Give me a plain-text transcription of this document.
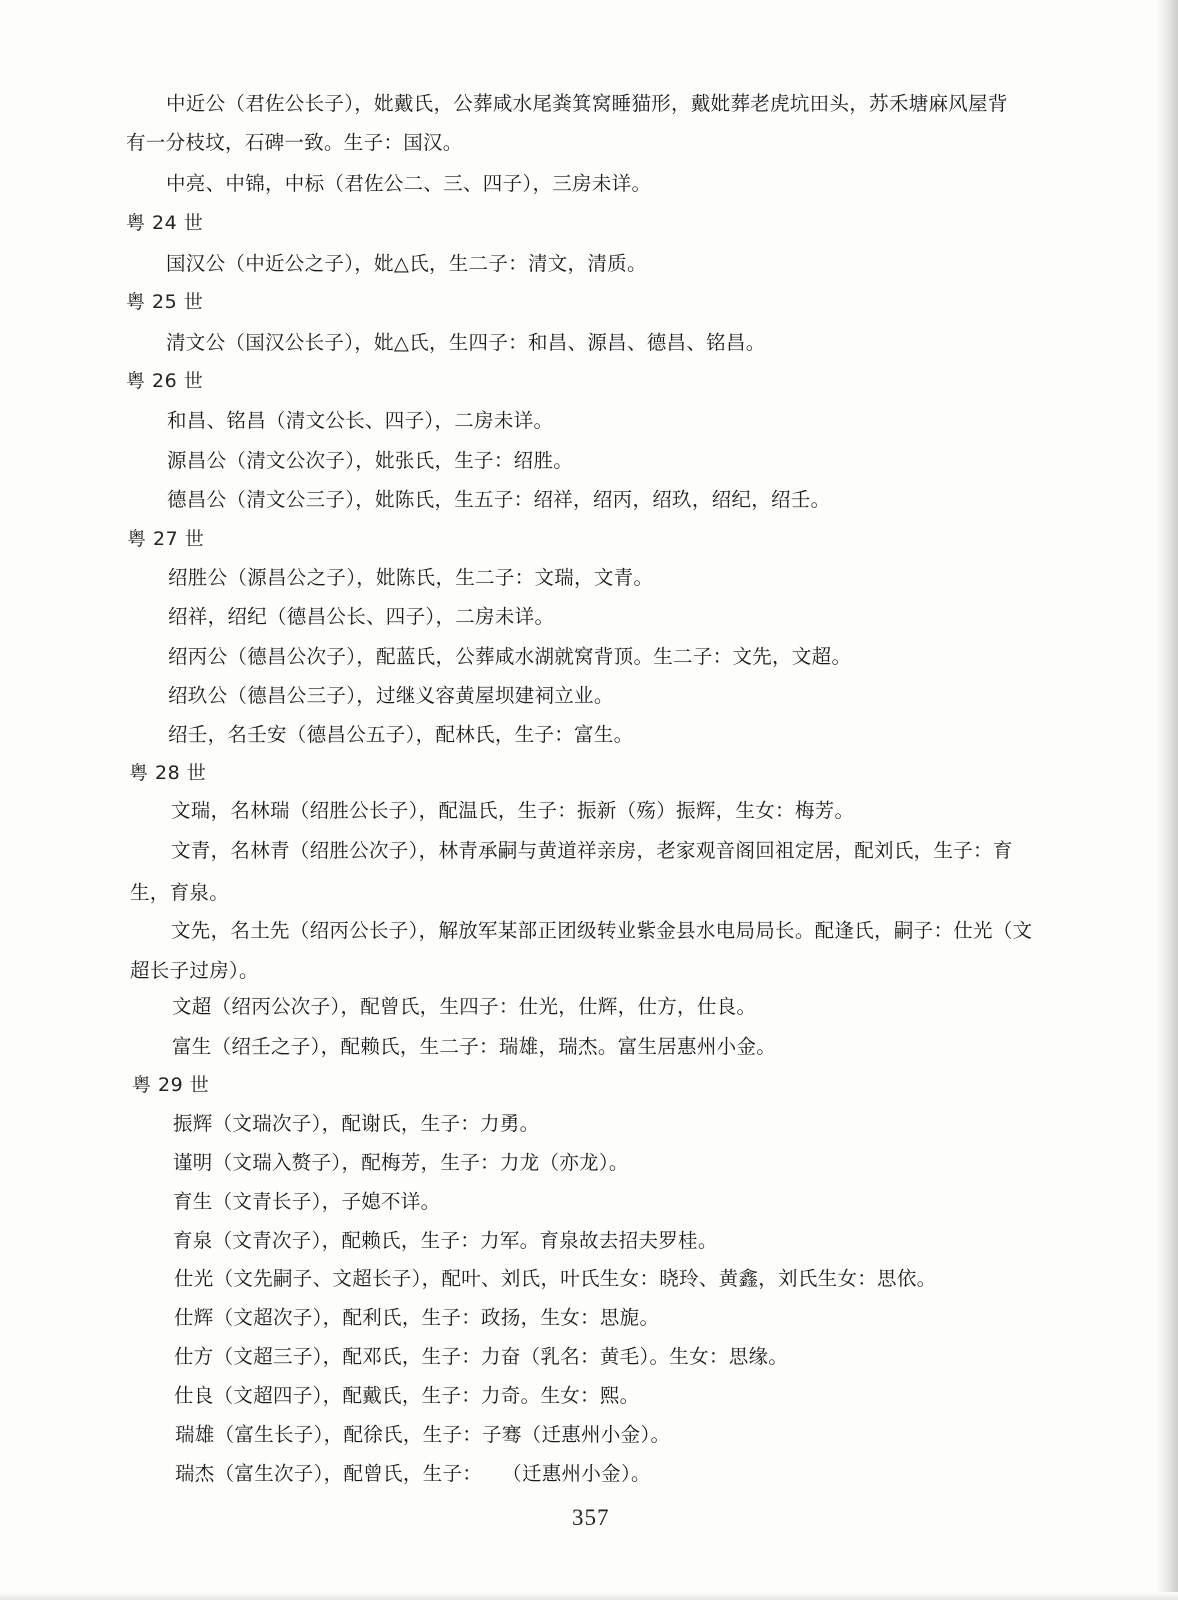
中近公（君佐公长子），妣戴氏，公葬咸水尾粪箕窝睡猫形，戴妣葬老虎坑田头，苏禾塘麻风屋背
有一分枝坟，石碑一致。生子：国汉。
中亮、中锦，中标（君佐公二、三、四子），三房未详。
粤 24 世
国汉公（中近公之子），妣△氏，生二子：清文，清质。
粤 25 世
清文公（国汉公长子），妣△氏，生四子：和昌、源昌、德昌、铭昌。
粤 26 世
和昌、铭昌（清文公长、四子），二房未详。
源昌公（清文公次子），妣张氏，生子：绍胜。
德昌公（清文公三子），妣陈氏，生五子：绍祥，绍丙，绍玖，绍纪，绍壬。
粤 27 世
绍胜公（源昌公之子），妣陈氏，生二子：文瑞，文青。
绍祥，绍纪（德昌公长、四子），二房未详。
绍丙公（德昌公次子），配蓝氏，公葬咸水湖就窝背顶。生二子：文先，文超。
绍玖公（德昌公三子），过继义容黄屋坝建祠立业。
绍壬，名壬安（德昌公五子），配林氏，生子：富生。
粤 28 世
文瑞，名林瑞（绍胜公长子），配温氏，生子：振新（殇）振辉，生女：梅芳。
文青，名林青（绍胜公次子），林青承嗣与黄道祥亲房，老家观音阁回祖定居，配刘氏，生子：育
生，育泉。
文先，名土先（绍丙公长子），解放军某部正团级转业紫金县水电局局长。配逢氏，嗣子：仕光（文
超长子过房）。
文超（绍丙公次子），配曾氏，生四子：仕光，仕辉，仕方，仕良。
富生（绍壬之子），配赖氏，生二子：瑞雄，瑞杰。富生居惠州小金。
粤 29 世
振辉（文瑞次子），配谢氏，生子：力勇。
谨明（文瑞入赘子），配梅芳，生子：力龙（亦龙）。
育生（文青长子），子媳不详。
育泉（文青次子），配赖氏，生子：力军。育泉故去招夫罗桂。
仕光（文先嗣子、文超长子），配叶、刘氏，叶氏生女：晓玲、黄鑫，刘氏生女：思依。
仕辉（文超次子），配利氏，生子：政扬，生女：思旎。
仕方（文超三子），配邓氏，生子：力奋（乳名：黄毛）。生女：思缘。
仕良（文超四子），配戴氏，生子：力奇。生女：熙。
瑞雄（富生长子），配徐氏，生子：子骞（迁惠州小金）。
瑞杰（富生次子），配曾氏，生子：　　（迁惠州小金）。
357
